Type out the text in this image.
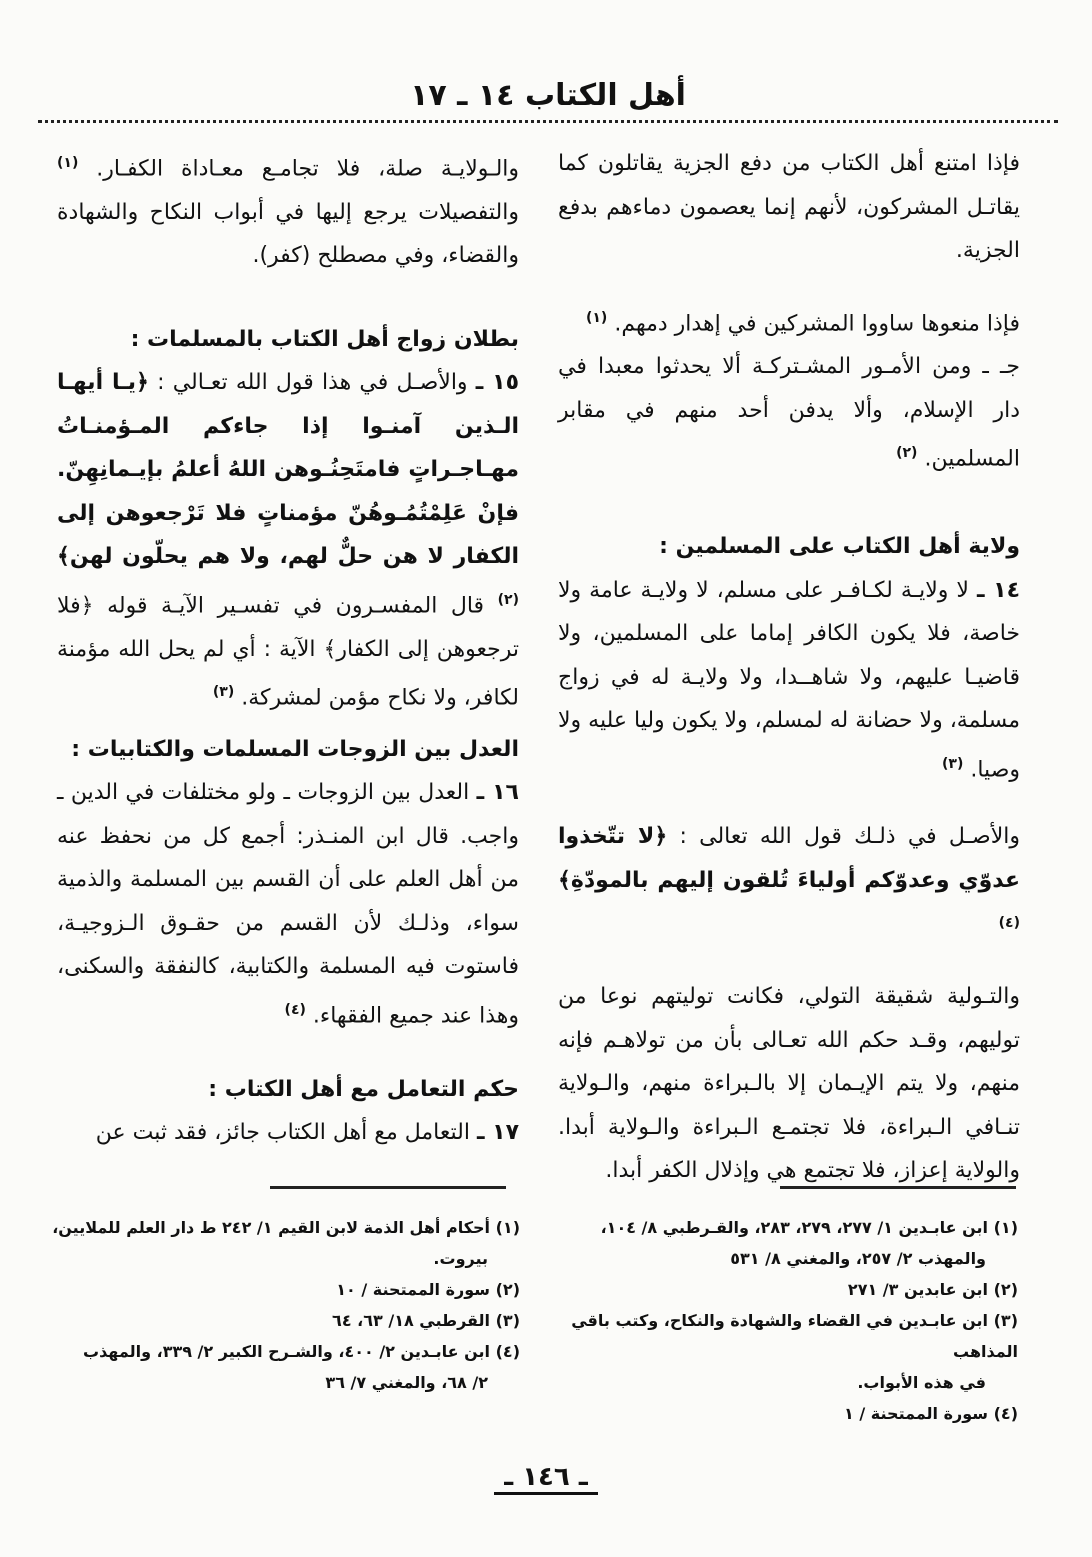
أهل الكتاب ١٤ ـ ١٧

فإذا امتنع أهل الكتاب من دفع الجزية يقاتلون كما يقاتـل المشركون، لأنهم إنما يعصمون دماءهم بدفع الجزية.

فإذا منعوها ساووا المشركين في إهدار دمهم. $^{(١)}$

جـ ـ ومن الأمـور المشـتركـة ألا يحدثوا معبدا في دار الإسلام، وألا يدفن أحد منهم في مقابر المسلمين. $^{(٢)}$

ولاية أهل الكتاب على المسلمين :

١٤ ـ لا ولايـة لكـافـر على مسلم، لا ولايـة عامة ولا خاصة، فلا يكون الكافر إماما على المسلمين، ولا قاضيـا عليهم، ولا شاهــدا، ولا ولايـة له في زواج مسلمة، ولا حضانة له لمسلم، ولا يكون وليا عليه ولا وصيا. $^{(٣)}$

والأصـل في ذلـك قول الله تعالى : ﴿لا تتّخذوا عدوّي وعدوّكم أولياءَ تُلقون إليهم بالمودّةِ﴾ $^{(٤)}$

والتـولية شقيقة التولي، فكانت توليتهم نوعا من توليهم، وقـد حكم الله تعـالى بأن من تولاهـم فإنه منهم، ولا يتم الإيـمان إلا بالـبراءة منهم، والـولاية تنـافي الـبراءة، فلا تجتمـع الـبراءة والـولاية أبدا. والولاية إعزاز، فلا تجتمع هي وإذلال الكفر أبدا.

والـولايـة صلة، فلا تجامـع معـاداة الكفـار. $^{(١)}$ والتفصيلات يرجع إليها في أبواب النكاح والشهادة والقضاء، وفي مصطلح (كفر).

بطلان زواج أهل الكتاب بالمسلمات :

١٥ ـ والأصـل في هذا قول الله تعـالي : ﴿يـا أيهـا الـذين آمنـوا إذا جاءكم المـؤمنـاتُ مهـاجـراتٍ فامتَحِنُـوهن اللهُ أعلمُ بإيـمانِهِنّ. فإنْ عَلِمْتُمُـوهُنّ مؤمناتٍ فلا تَرْجعوهن إلى الكفار لا هن حلٌّ لهم، ولا هم يحلّون لهن﴾ $^{(٢)}$ قال المفسـرون في تفسـير الآيـة قوله ﴿فلا ترجعوهن إلى الكفار﴾ الآية : أي لم يحل الله مؤمنة لكافر، ولا نكاح مؤمن لمشركة. $^{(٣)}$

العدل بين الزوجات المسلمات والكتابيات :

١٦ ـ العدل بين الزوجات ـ ولو مختلفات في الدين ـ واجب. قال ابن المنـذر: أجمع كل من نحفظ عنه من أهل العلم على أن القسم بين المسلمة والذمية سواء، وذلـك لأن القسم من حقـوق الـزوجيـة، فاستوت فيه المسلمة والكتابية، كالنفقة والسكنى، وهذا عند جميع الفقهاء. $^{(٤)}$

حكم التعامل مع أهل الكتاب :

١٧ ـ التعامل مع أهل الكتاب جائز، فقد ثبت عن

(١) ابن عابـدين ١/ ٢٧٧، ٢٧٩، ٢٨٣، والقـرطبي ٨/ ١٠٤،

والمهذب ٢/ ٢٥٧، والمغني ٨/ ٥٣١

(٢) ابن عابدين ٣/ ٢٧١

(٣) ابن عابـدين في القضاء والشهادة والنكاح، وكتب باقي المذاهب

في هذه الأبواب.

(٤) سورة الممتحنة / ١

(١) أحكام أهل الذمة لابن القيم ١/ ٢٤٢ ط دار العلم للملايين،

بيروت.

(٢) سورة الممتحنة / ١٠

(٣) القرطبي ١٨/ ٦٣، ٦٤

(٤) ابن عابـدين ٢/ ٤٠٠، والشـرح الكبير ٢/ ٣٣٩، والمهذب

٢/ ٦٨، والمغني ٧/ ٣٦

ـ ١٤٦ ـ
